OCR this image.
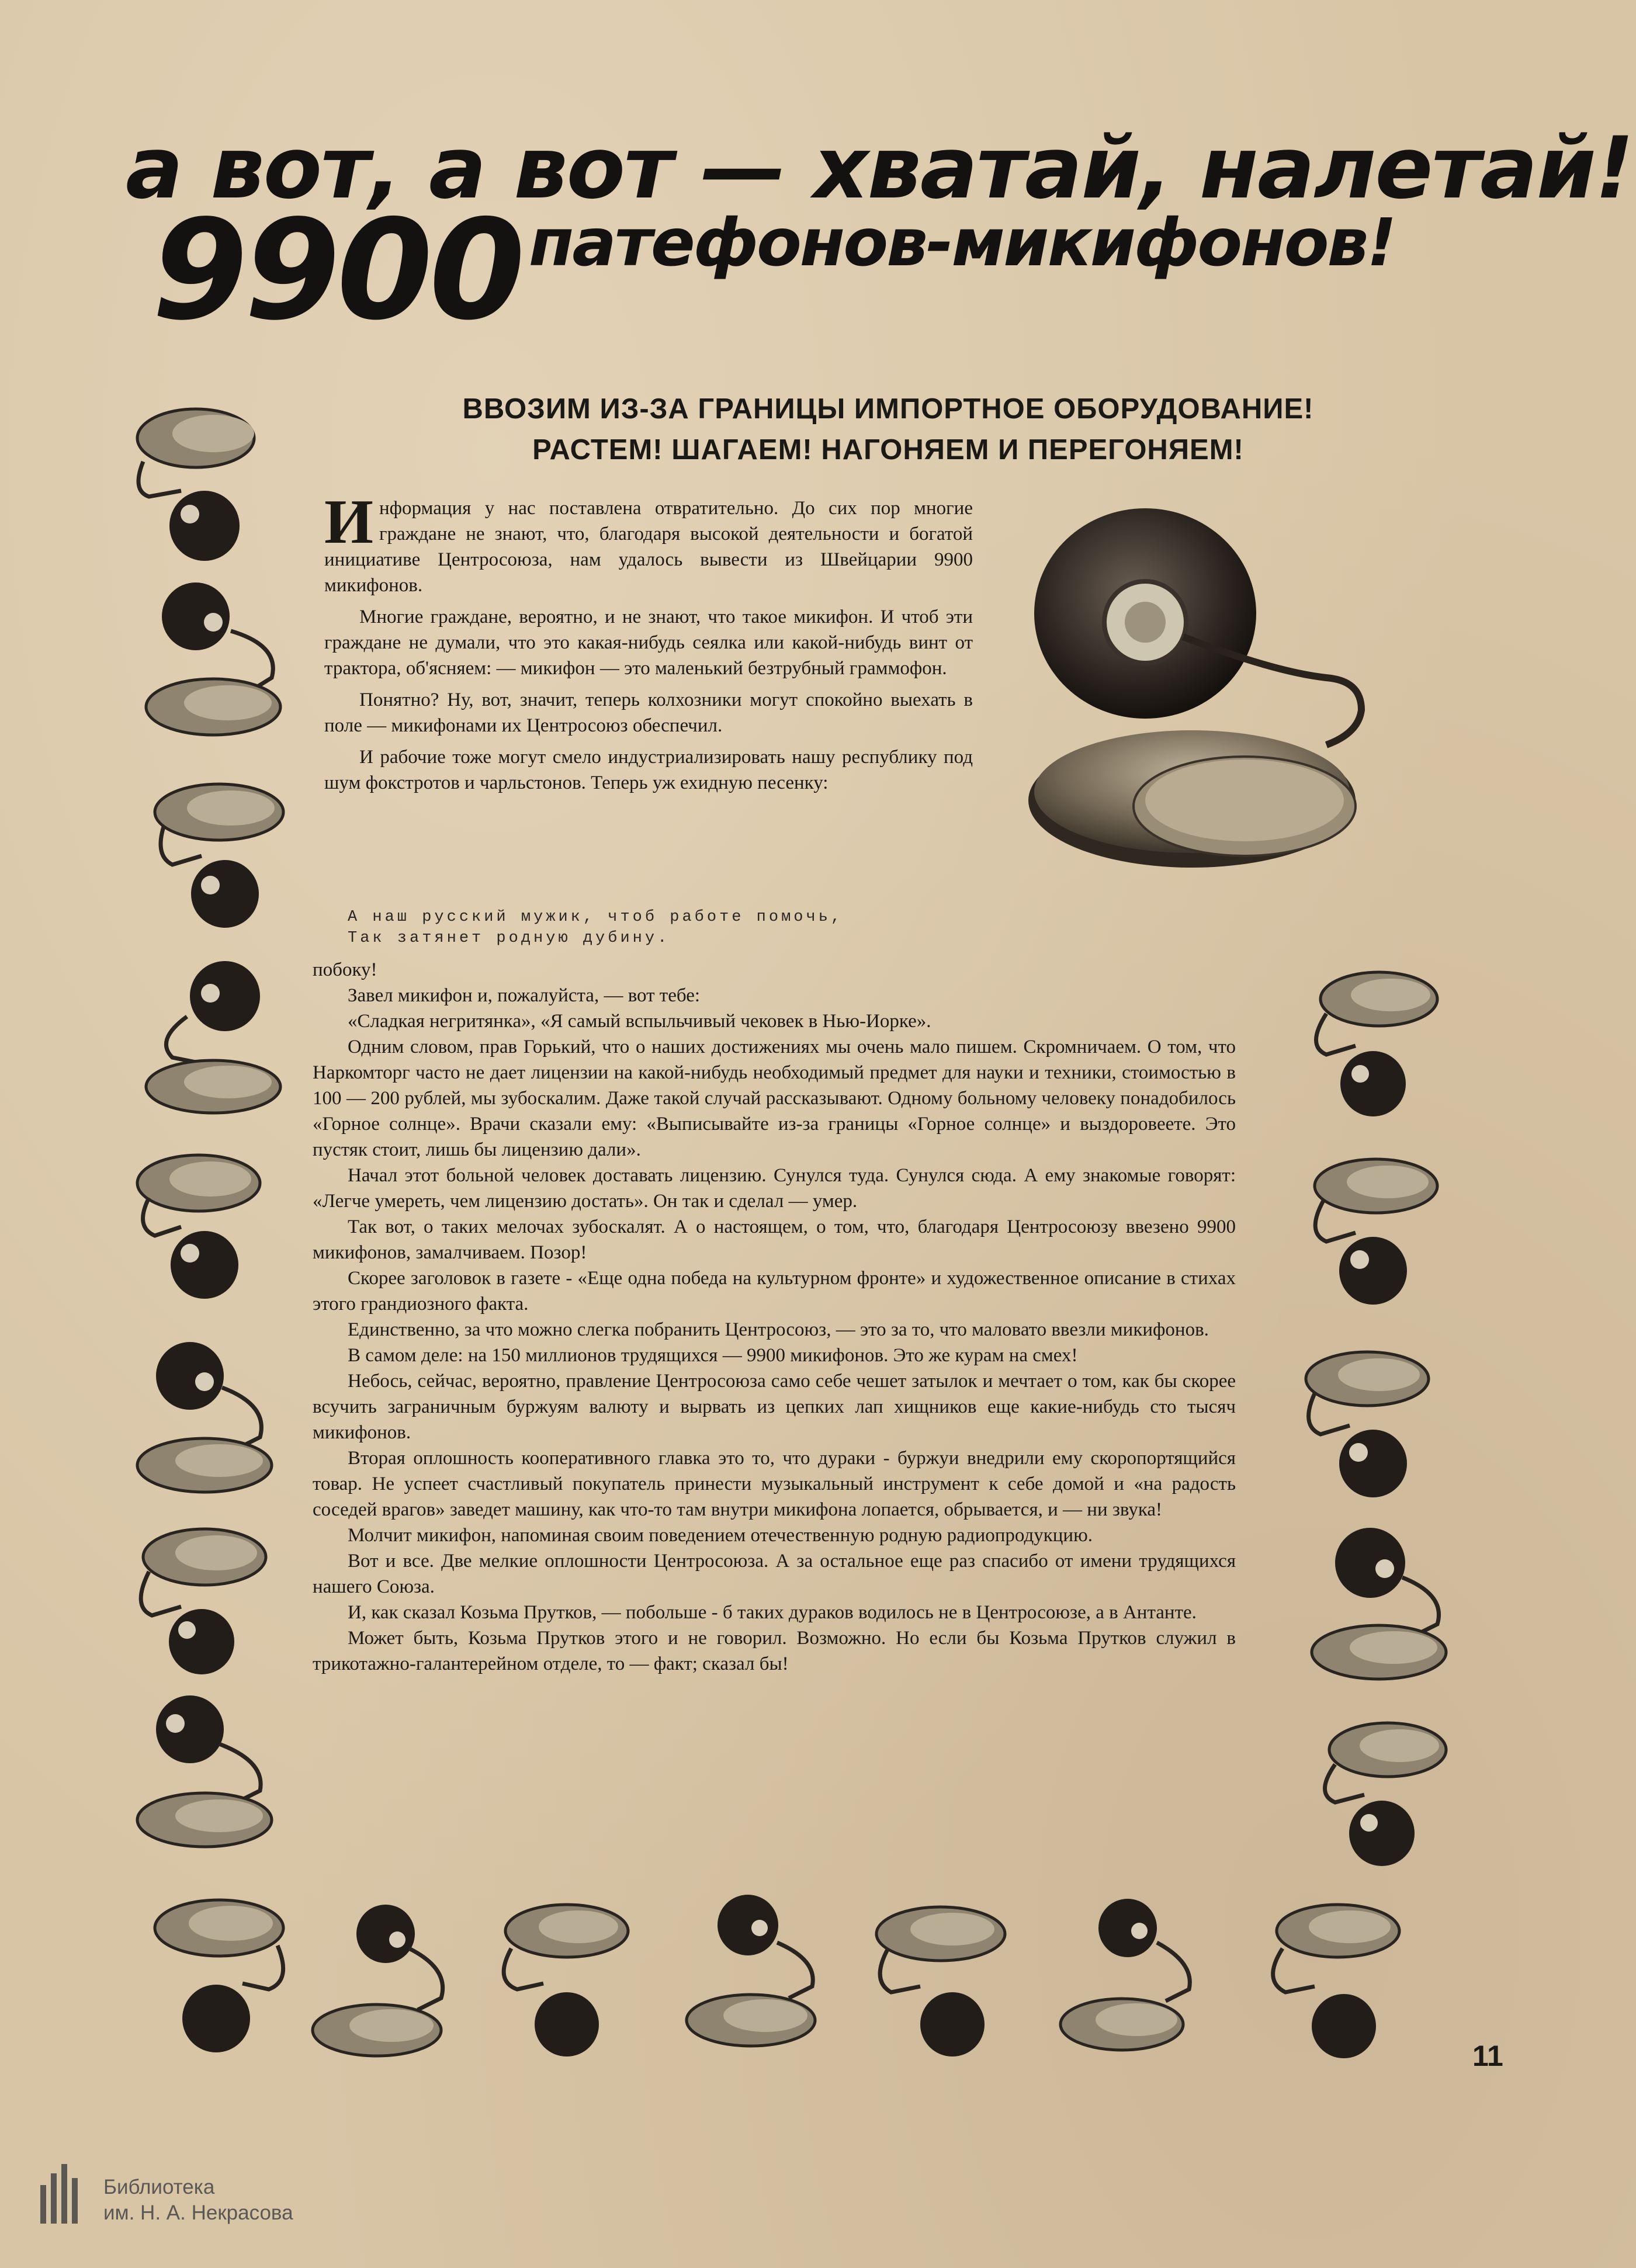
а вот, а вот — хватай, налетай!
9900 патефонов-микифонов!
ВВОЗИМ ИЗ-ЗА ГРАНИЦЫ ИМПОРТНОЕ ОБОРУДОВАНИЕ!
РАСТЕМ! ШАГАЕМ! НАГОНЯЕМ И ПЕРЕГОНЯЕМ!

Информация у нас поставлена отвратительно. До сих пор многие граждане не знают, что, благодаря высокой деятельности и богатой инициативе Центросоюза, нам удалось вывести из Швейцарии 9900 микифонов.

Многие граждане, вероятно, и не знают, что такое микифон. И чтоб эти граждане не думали, что это какая-нибудь сеялка или какой-нибудь винт от трактора, об'ясняем: — микифон — это маленький безтрубный граммофон.

Понятно? Ну, вот, значит, теперь колхозники могут спокойно выехать в поле — микифонами их Центросоюз обеспечил.

И рабочие тоже могут смело индустриализировать нашу республику под шум фокстротов и чарльстонов. Теперь уж ехидную песенку:

А наш русский мужик, чтоб работе помочь,
Так затянет родную дубину.

побоку!

Завел микифон и, пожалуйста, — вот тебе:

«Сладкая негритянка», «Я самый вспыльчивый чековек в Нью-Иорке».

Одним словом, прав Горький, что о наших достижениях мы очень мало пишем. Скромничаем. О том, что Наркомторг часто не дает лицензии на какой-нибудь необходимый предмет для науки и техники, стоимостью в 100 — 200 рублей, мы зубоскалим. Даже такой случай рассказывают. Одному больному человеку понадобилось «Горное солнце». Врачи сказали ему: «Выписывайте из-за границы «Горное солнце» и выздоровеете. Это пустяк стоит, лишь бы лицензию дали».

Начал этот больной человек доставать лицензию. Сунулся туда. Сунулся сюда. А ему знакомые говорят: «Легче умереть, чем лицензию достать». Он так и сделал — умер.

Так вот, о таких мелочах зубоскалят. А о настоящем, о том, что, благодаря Центросоюзу ввезено 9900 микифонов, замалчиваем. Позор!

Скорее заголовок в газете - «Еще одна победа на культурном фронте» и художественное описание в стихах этого грандиозного факта.

Единственно, за что можно слегка побранить Центросоюз, — это за то, что маловато ввезли микифонов.

В самом деле: на 150 миллионов трудящихся — 9900 микифонов. Это же курам на смех!

Небось, сейчас, вероятно, правление Центросоюза само себе чешет затылок и мечтает о том, как бы скорее всучить заграничным буржуям валюту и вырвать из цепких лап хищников еще какие-нибудь сто тысяч микифонов.

Вторая оплошность кооперативного главка это то, что дураки - буржуи внедрили ему скоропортящийся товар. Не успеет счастливый покупатель принести музыкальный инструмент к себе домой и «на радость соседей врагов» заведет машину, как что-то там внутри микифона лопается, обрывается, и — ни звука!

Молчит микифон, напоминая своим поведением отечественную родную радиопродукцию.

Вот и все. Две мелкие оплошности Центросоюза. А за остальное еще раз спасибо от имени трудящихся нашего Союза.

И, как сказал Козьма Прутков, — побольше - б таких дураков водилось не в Центросоюзе, а в Антанте.

Может быть, Козьма Прутков этого и не говорил. Возможно. Но если бы Козьма Прутков служил в трикотажно-галантерейном отделе, то — факт; сказал бы!

11
Библиотека
им. Н. А. Некрасова
